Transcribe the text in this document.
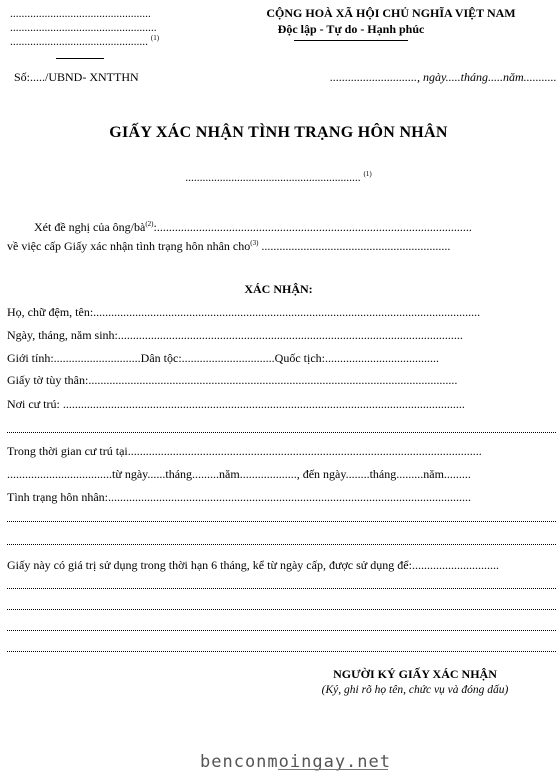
.................................................
...................................................
................................................ $^{(1)}$
CỘNG HOÀ XÃ HỘI CHỦ NGHĨA VIỆT NAM
Độc lập - Tự do - Hạnh phúc
Số:...../UBND- XNTTHN	............................., ngày.....tháng.....năm...........
GIẤY XÁC NHẬN TÌNH TRẠNG HÔN NHÂN
............................................................. $^{(1)}$
Xét đề nghị của ông/$bà^{(2)}$:.........................................................................................................
về việc cấp Giấy xác nhận tình trạng hôn nhân cho$^{(3)}$ ...............................................................
XÁC NHẬN:
Họ, chữ đệm, tên:.................................................................................................................................
Ngày, tháng, năm sinh:...................................................................................................................
Giới tính:.............................Dân tộc:...............................Quốc tịch:......................................
Giấy tờ tùy thân:...........................................................................................................................
Nơi cư trú: ......................................................................................................................................
Trong thời gian cư trú tại......................................................................................................................
...................................từ ngày......tháng.........năm..................., đến ngày........tháng.........năm.........
Tình trạng hôn nhân:.........................................................................................................................
Giấy này có giá trị sử dụng trong thời hạn 6 tháng, kể từ ngày cấp, được sử dụng để:.............................
NGƯỜI KÝ GIẤY XÁC NHẬN
(Ký, ghi rõ họ tên, chức vụ và đóng dấu)
benconmoingay.net
